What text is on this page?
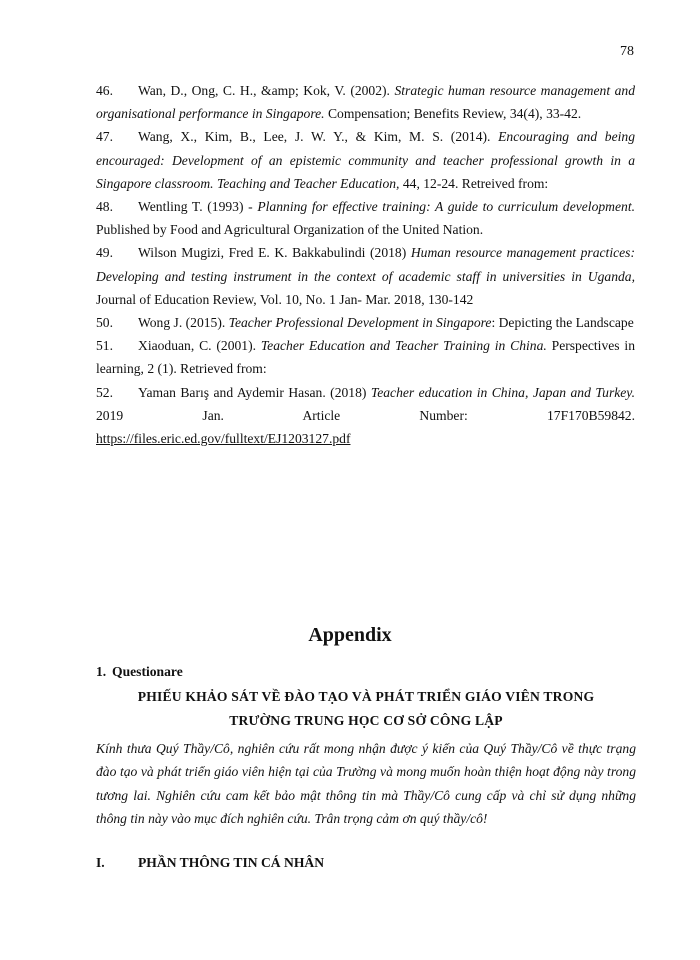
78
46. Wan, D., Ong, C. H., &amp; Kok, V. (2002). Strategic human resource management and organisational performance in Singapore. Compensation; Benefits Review, 34(4), 33-42.
47. Wang, X., Kim, B., Lee, J. W. Y., & Kim, M. S. (2014). Encouraging and being encouraged: Development of an epistemic community and teacher professional growth in a Singapore classroom. Teaching and Teacher Education, 44, 12-24. Retreived from:
48. Wentling T. (1993) - Planning for effective training: A guide to curriculum development. Published by Food and Agricultural Organization of the United Nation.
49. Wilson Mugizi, Fred E. K. Bakkabulindi (2018) Human resource management practices: Developing and testing instrument in the context of academic staff in universities in Uganda, Journal of Education Review, Vol. 10, No. 1 Jan- Mar. 2018, 130-142
50. Wong J. (2015). Teacher Professional Development in Singapore: Depicting the Landscape
51. Xiaoduan, C. (2001). Teacher Education and Teacher Training in China. Perspectives in learning, 2 (1). Retrieved from:
52. Yaman Barış and Aydemir Hasan. (2018) Teacher education in China, Japan and Turkey. 2019 Jan. Article Number: 17F170B59842.
https://files.eric.ed.gov/fulltext/EJ1203127.pdf
Appendix
1. Questionare
PHIẾU KHẢO SÁT VỀ ĐÀO TẠO VÀ PHÁT TRIỂN GIÁO VIÊN TRONG
TRƯỜNG TRUNG HỌC CƠ SỞ CÔNG LẬP
Kính thưa Quý Thầy/Cô, nghiên cứu rất mong nhận được ý kiến của Quý Thầy/Cô về thực trạng đào tạo và phát triển giáo viên hiện tại của Trường và mong muốn hoàn thiện hoạt động này trong tương lai. Nghiên cứu cam kết bảo mật thông tin mà Thầy/Cô cung cấp và chỉ sử dụng những thông tin này vào mục đích nghiên cứu. Trân trọng cảm ơn quý thầy/cô!
I. PHẦN THÔNG TIN CÁ NHÂN
